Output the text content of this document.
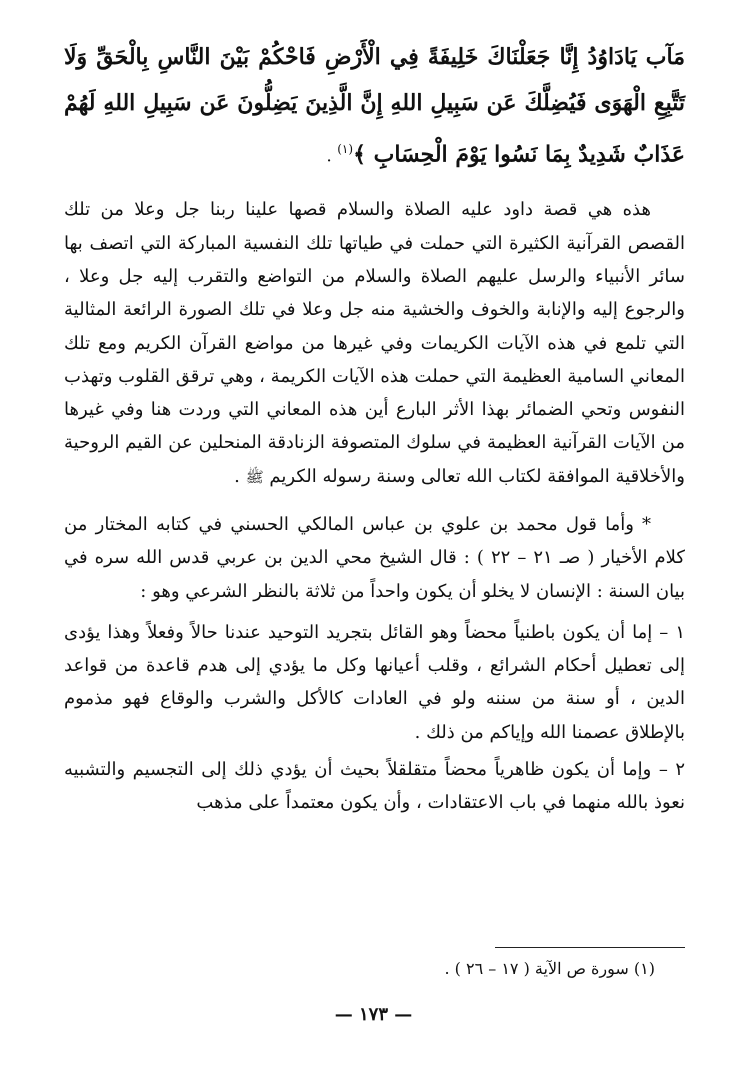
مَآب يَادَاوُدُ إِنَّا جَعَلْنَاكَ خَلِيفَةً فِي الْأَرْضِ فَاحْكُمْ بَيْنَ النَّاسِ بِالْحَقِّ وَلَا تَتَّبِعِ الْهَوَى فَيُضِلَّكَ عَن سَبِيلِ اللهِ إِنَّ الَّذِينَ يَضِلُّونَ عَن سَبِيلِ اللهِ لَهُمْ عَذَابٌ شَدِيدٌ بِمَا نَسُوا يَوْمَ الْحِسَابِ ﴾$^{(١)}$ .

هذه هي قصة داود عليه الصلاة والسلام قصها علينا ربنا جل وعلا من تلك القصص القرآنية الكثيرة التي حملت في طياتها تلك النفسية المباركة التي اتصف بها سائر الأنبياء والرسل عليهم الصلاة والسلام من التواضع والتقرب إليه جل وعلا ، والرجوع إليه والإنابة والخوف والخشية منه جل وعلا في تلك الصورة الرائعة المثالية التي تلمع في هذه الآيات الكريمات وفي غيرها من مواضع القرآن الكريم ومع تلك المعاني السامية العظيمة التي حملت هذه الآيات الكريمة ، وهي ترقق القلوب وتهذب النفوس وتحي الضمائر بهذا الأثر البارع أين هذه المعاني التي وردت هنا وفي غيرها من الآيات القرآنية العظيمة في سلوك المتصوفة الزنادقة المنحلين عن القيم الروحية والأخلاقية الموافقة لكتاب الله تعالى وسنة رسوله الكريم ﷺ .

*وأما قول محمد بن علوي بن عباس المالكي الحسني في كتابه المختار من كلام الأخيار ( صـ ٢١ – ٢٢ ) : قال الشيخ محي الدين بن عربي قدس الله سره في بيان السنة : الإنسان لا يخلو أن يكون واحداً من ثلاثة بالنظر الشرعي وهو :

١ – إما أن يكون باطنياً محضاً وهو القائل بتجريد التوحيد عندنا حالاً وفعلاً وهذا يؤدى إلى تعطيل أحكام الشرائع ، وقلب أعيانها وكل ما يؤدي إلى هدم قاعدة من قواعد الدين ، أو سنة من سننه ولو في العادات كالأكل والشرب والوقاع فهو مذموم بالإطلاق عصمنا الله وإياكم من ذلك .

٢ – وإما أن يكون ظاهرياً محضاً متقلقلاً بحيث أن يؤدي ذلك إلى التجسيم والتشبيه نعوذ بالله منهما في باب الاعتقادات ، وأن يكون معتمداً على مذهب

(١) سورة ص الآية ( ١٧ – ٢٦ ) .

— ١٧٣ —
